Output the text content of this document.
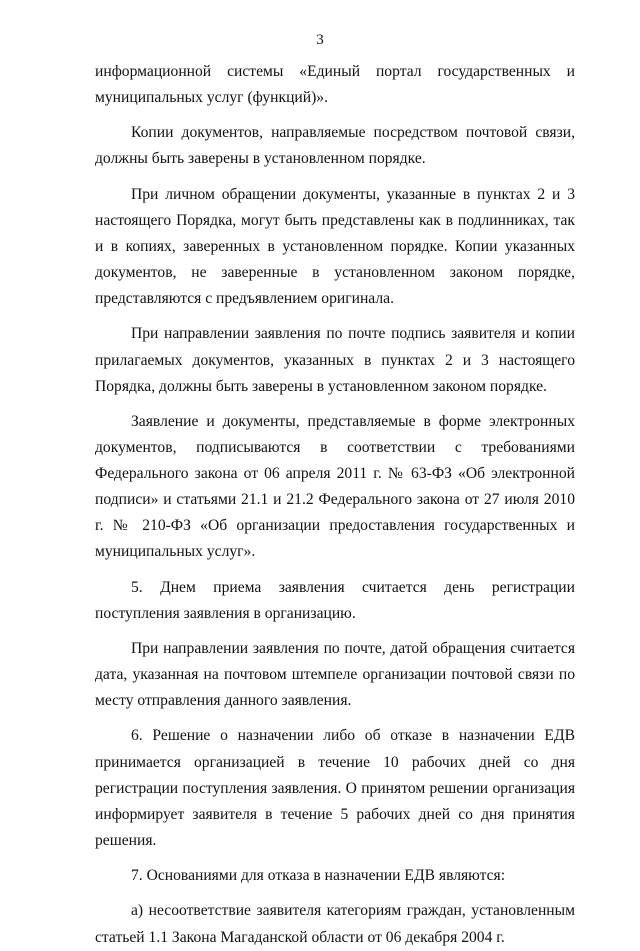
3

информационной системы «Единый портал государственных и муниципальных услуг (функций)».

Копии документов, направляемые посредством почтовой связи, должны быть заверены в установленном порядке.

При личном обращении документы, указанные в пунктах 2 и 3 настоящего Порядка, могут быть представлены как в подлинниках, так и в копиях, заверенных в установленном порядке. Копии указанных документов, не заверенные в установленном законом порядке, представляются с предъявлением оригинала.

При направлении заявления по почте подпись заявителя и копии прилагаемых документов, указанных в пунктах 2 и 3 настоящего Порядка, должны быть заверены в установленном законом порядке.

Заявление и документы, представляемые в форме электронных документов, подписываются в соответствии с требованиями Федерального закона от 06 апреля 2011 г. № 63-ФЗ «Об электронной подписи» и статьями 21.1 и 21.2 Федерального закона от 27 июля 2010 г. № 210-ФЗ «Об организации предоставления государственных и муниципальных услуг».

5. Днем приема заявления считается день регистрации поступления заявления в организацию.

При направлении заявления по почте, датой обращения считается дата, указанная на почтовом штемпеле организации почтовой связи по месту отправления данного заявления.

6. Решение о назначении либо об отказе в назначении ЕДВ принимается организацией в течение 10 рабочих дней со дня регистрации поступления заявления. О принятом решении организация информирует заявителя в течение 5 рабочих дней со дня принятия решения.

7. Основаниями для отказа в назначении ЕДВ являются:

а) несоответствие заявителя категориям граждан, установленным статьей 1.1 Закона Магаданской области от 06 декабря 2004 г.
